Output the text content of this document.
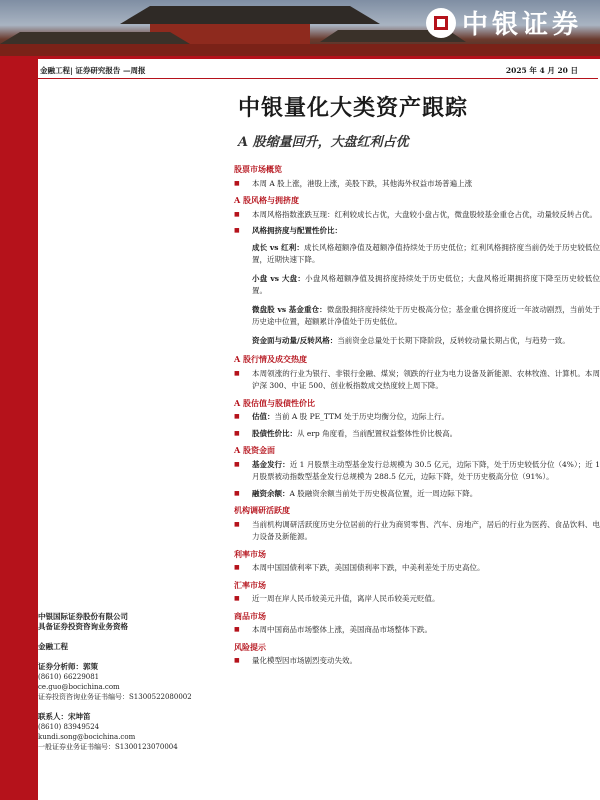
中银证券
金融工程| 证券研究报告 —周报	2025 年 4 月 20 日
中银量化大类资产跟踪
A 股缩量回升，大盘红利占优
中银国际证券股份有限公司
具备证券投资咨询业务资格
金融工程
证券分析师：郭策
(8610) 66229081
ce.guo@bocichina.com
证券投资咨询业务证书编号：S1300522080002
联系人：宋坤笛
(8610) 83949524
kundi.song@bocichina.com
一般证券业务证书编号：S1300123070004
股票市场概览
■ 本周 A 股上涨，港股上涨，美股下跌，其他海外权益市场普遍上涨
A 股风格与拥挤度
■ 本周风格指数涨跌互现：红利较成长占优，大盘较小盘占优，微盘股较基金重仓占优，动量较反转占优。
■ 风格拥挤度与配置性价比：
成长 vs 红利：成长风格超额净值及超额净值持续处于历史低位；红利风格拥挤度当前仍处于历史较低位置，近期快速下降。
小盘 vs 大盘：小盘风格超额净值及拥挤度持续处于历史低位；大盘风格近期拥挤度下降至历史较低位置。
微盘股 vs 基金重仓：微盘股拥挤度持续处于历史极高分位；基金重仓拥挤度近一年波动剧烈，当前处于历史途中位置，超额累计净值处于历史低位。
资金面与动量/反转风格：当前资金总量处于长期下降阶段，反转较动量长期占优，与趋势一致。
A 股行情及成交热度
■ 本周领涨的行业为银行、非银行金融、煤炭；领跌的行业为电力设备及新能源、农林牧渔、计算机。本周沪深 300、中证 500、创业板指数成交热度较上周下降。
A 股估值与股债性价比
■ 估值：当前 A 股 PE_TTM 处于历史均衡分位，边际上行。
■ 股债性价比：从 erp 角度看，当前配置权益整体性价比极高。
A 股资金面
■ 基金发行：近 1 月股票主动型基金发行总规模为 30.5 亿元，边际下降，处于历史较低分位（4%）；近 1 月股票被动指数型基金发行总规模为 288.5 亿元，边际下降，处于历史极高分位（91%）。
■ 融资余额：A 股融资余额当前处于历史极高位置，近一周边际下降。
机构调研活跃度
■ 当前机构调研活跃度历史分位居前的行业为商贸零售、汽车、房地产，居后的行业为医药、食品饮料、电力设备及新能源。
利率市场
■ 本周中国国债利率下跌，美国国债利率下跌，中美利差处于历史高位。
汇率市场
■ 近一周在岸人民币较美元升值，离岸人民币较美元贬值。
商品市场
■ 本周中国商品市场整体上涨，美国商品市场整体下跌。
风险提示
■ 量化模型因市场剧烈变动失效。
